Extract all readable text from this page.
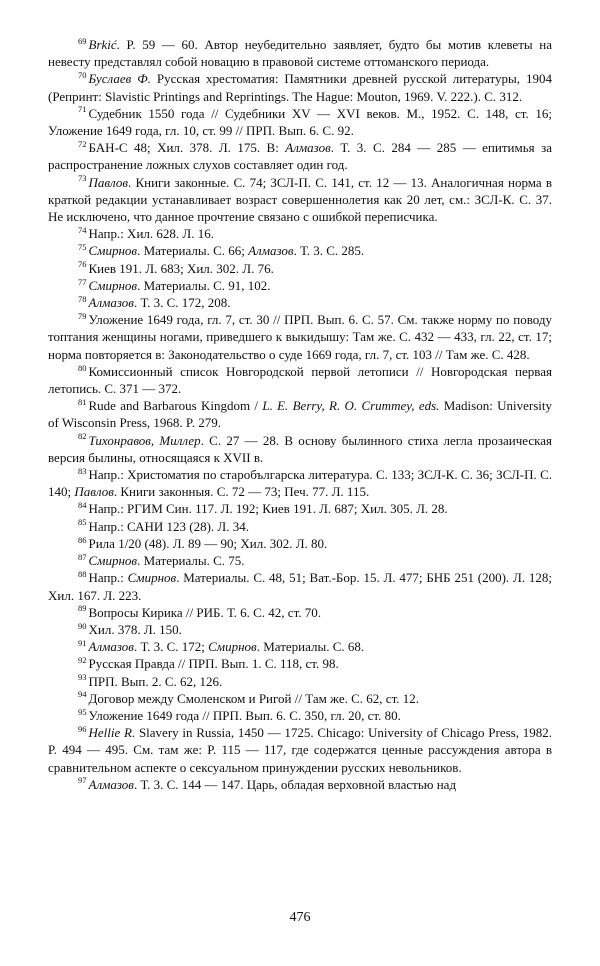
$^{69}$ Brkić. P. 59 — 60. Автор неубедительно заявляет, будто бы мотив клеветы на невесту представлял собой новацию в правовой системе оттоманского периода.

$^{70}$ Буслаев Ф. Русская хрестоматия: Памятники древней русской литературы, 1904 (Репринт: Slavistic Printings and Reprintings. The Hague: Mouton, 1969. V. 222.). С. 312.

$^{71}$ Судебник 1550 года // Судебники XV — XVI веков. М., 1952. С. 148, ст. 16; Уложение 1649 года, гл. 10, ст. 99 // ПРП. Вып. 6. С. 92.

$^{72}$ БАН-С 48; Хил. 378. Л. 175. В: Алмазов. Т. 3. С. 284 — 285 — епитимья за распространение ложных слухов составляет один год.

$^{73}$ Павлов. Книги законные. С. 74; ЗСЛ-П. С. 141, ст. 12 — 13. Аналогичная норма в краткой редакции устанавливает возраст совершеннолетия как 20 лет, см.: ЗСЛ-К. С. 37. Не исключено, что данное прочтение связано с ошибкой переписчика.

$^{74}$ Напр.: Хил. 628. Л. 16.

$^{75}$ Смирнов. Материалы. С. 66; Алмазов. Т. 3. С. 285.

$^{76}$ Киев 191. Л. 683; Хил. 302. Л. 76.

$^{77}$ Смирнов. Материалы. С. 91, 102.

$^{78}$ Алмазов. Т. 3. С. 172, 208.

$^{79}$ Уложение 1649 года, гл. 7, ст. 30 // ПРП. Вып. 6. С. 57. См. также норму по поводу топтания женщины ногами, приведшего к выкидышу: Там же. С. 432 — 433, гл. 22, ст. 17; норма повторяется в: Законодательство о суде 1669 года, гл. 7, ст. 103 // Там же. С. 428.

$^{80}$ Комиссионный список Новгородской первой летописи // Новгородская первая летопись. С. 371 — 372.

$^{81}$ Rude and Barbarous Kingdom / L. E. Berry, R. O. Crummey, eds. Madison: University of Wisconsin Press, 1968. P. 279.

$^{82}$ Тихонравов, Миллер. С. 27 — 28. В основу былинного стиха легла прозаическая версия былины, относящаяся к XVII в.

$^{83}$ Напр.: Христоматия по старобългарска литература. С. 133; ЗСЛ-К. С. 36; ЗСЛ-П. С. 140; Павлов. Книги законныя. С. 72 — 73; Печ. 77. Л. 115.

$^{84}$ Напр.: РГИМ Син. 117. Л. 192; Киев 191. Л. 687; Хил. 305. Л. 28.

$^{85}$ Напр.: САНИ 123 (28). Л. 34.

$^{86}$ Рила 1/20 (48). Л. 89 — 90; Хил. 302. Л. 80.

$^{87}$ Смирнов. Материалы. С. 75.

$^{88}$ Напр.: Смирнов. Материалы. С. 48, 51; Ват.-Бор. 15. Л. 477; БНБ 251 (200). Л. 128; Хил. 167. Л. 223.

$^{89}$ Вопросы Кирика // РИБ. Т. 6. С. 42, ст. 70.

$^{90}$ Хил. 378. Л. 150.

$^{91}$ Алмазов. Т. 3. С. 172; Смирнов. Материалы. С. 68.

$^{92}$ Русская Правда // ПРП. Вып. 1. С. 118, ст. 98.

$^{93}$ ПРП. Вып. 2. С. 62, 126.

$^{94}$ Договор между Смоленском и Ригой // Там же. С. 62, ст. 12.

$^{95}$ Уложение 1649 года // ПРП. Вып. 6. С. 350, гл. 20, ст. 80.

$^{96}$ Hellie R. Slavery in Russia, 1450 — 1725. Chicago: University of Chicago Press, 1982. P. 494 — 495. См. там же: P. 115 — 117, где содержатся ценные рассуждения автора в сравнительном аспекте о сексуальном принуждении русских невольников.

$^{97}$ Алмазов. Т. 3. С. 144 — 147. Царь, обладая верховной властью над

476
